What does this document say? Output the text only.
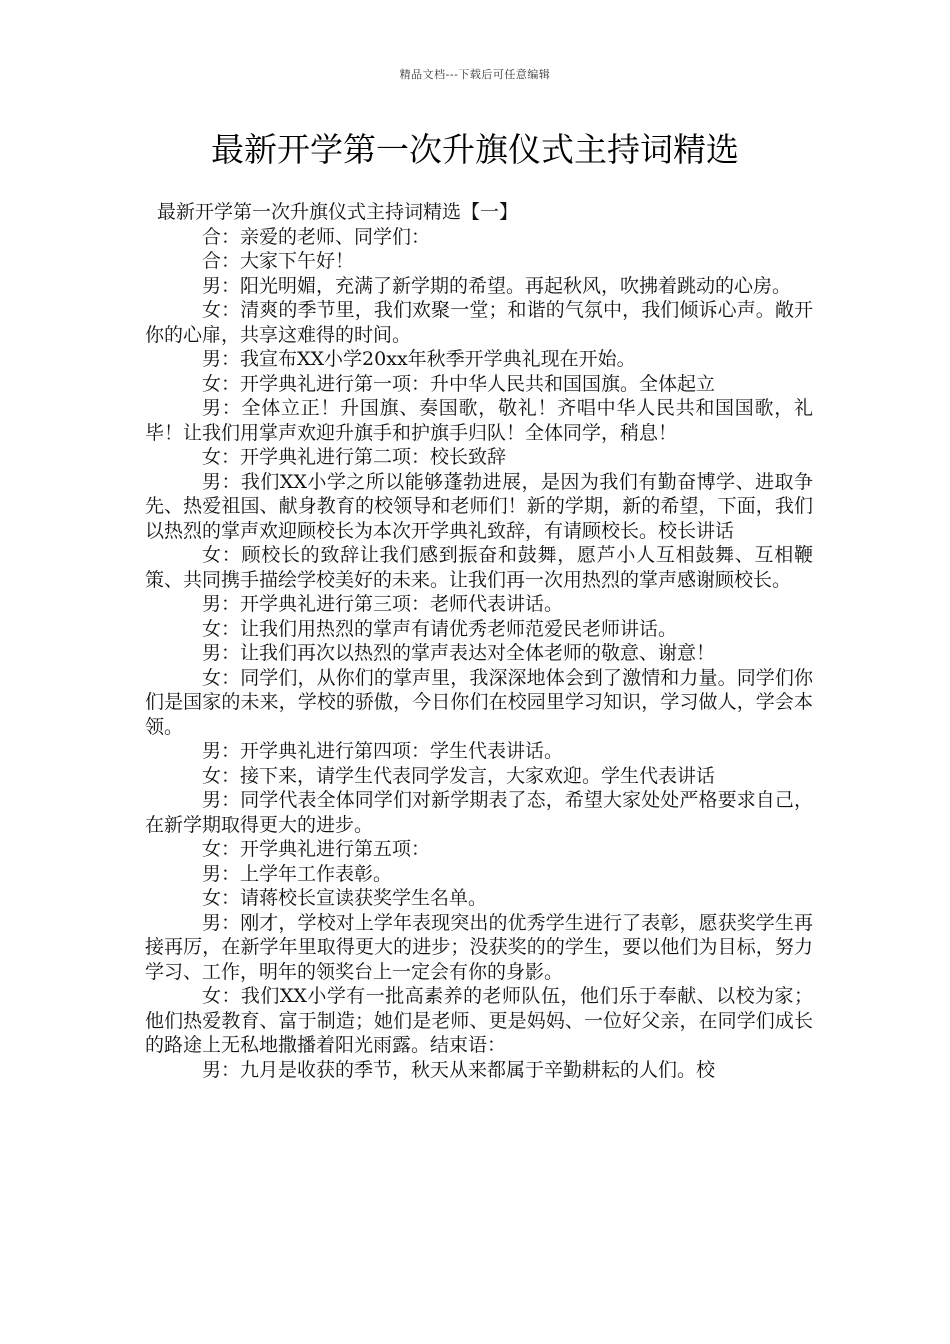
精品文档---下载后可任意编辑
最新开学第一次升旗仪式主持词精选

最新开学第一次升旗仪式主持词精选【一】

合：亲爱的老师、同学们：

合：大家下午好！

男：阳光明媚，充满了新学期的希望。再起秋风，吹拂着跳动的心房。

女：清爽的季节里，我们欢聚一堂；和谐的气氛中，我们倾诉心声。敞开你的心扉，共享这难得的时间。

男：我宣布XX小学20xx年秋季开学典礼现在开始。

女：开学典礼进行第一项：升中华人民共和国国旗。全体起立

男：全体立正！升国旗、奏国歌，敬礼！齐唱中华人民共和国国歌，礼毕！让我们用掌声欢迎升旗手和护旗手归队！全体同学，稍息！

女：开学典礼进行第二项：校长致辞

男：我们XX小学之所以能够蓬勃进展，是因为我们有勤奋博学、进取争先、热爱祖国、献身教育的校领导和老师们！新的学期，新的希望，下面，我们以热烈的掌声欢迎顾校长为本次开学典礼致辞，有请顾校长。校长讲话

女：顾校长的致辞让我们感到振奋和鼓舞，愿芦小人互相鼓舞、互相鞭策、共同携手描绘学校美好的未来。让我们再一次用热烈的掌声感谢顾校长。

男：开学典礼进行第三项：老师代表讲话。

女：让我们用热烈的掌声有请优秀老师范爱民老师讲话。

男：让我们再次以热烈的掌声表达对全体老师的敬意、谢意！

女：同学们，从你们的掌声里，我深深地体会到了激情和力量。同学们你们是国家的未来，学校的骄傲，今日你们在校园里学习知识，学习做人，学会本领。

男：开学典礼进行第四项：学生代表讲话。

女：接下来，请学生代表同学发言，大家欢迎。学生代表讲话

男：同学代表全体同学们对新学期表了态，希望大家处处严格要求自己，在新学期取得更大的进步。

女：开学典礼进行第五项：

男：上学年工作表彰。

女：请蒋校长宣读获奖学生名单。

男：刚才，学校对上学年表现突出的优秀学生进行了表彰，愿获奖学生再接再厉，在新学年里取得更大的进步；没获奖的的学生，要以他们为目标，努力学习、工作，明年的领奖台上一定会有你的身影。

女：我们XX小学有一批高素养的老师队伍，他们乐于奉献、以校为家；他们热爱教育、富于制造；她们是老师、更是妈妈、一位好父亲，在同学们成长的路途上无私地撒播着阳光雨露。结束语：

男：九月是收获的季节，秋天从来都属于辛勤耕耘的人们。校
